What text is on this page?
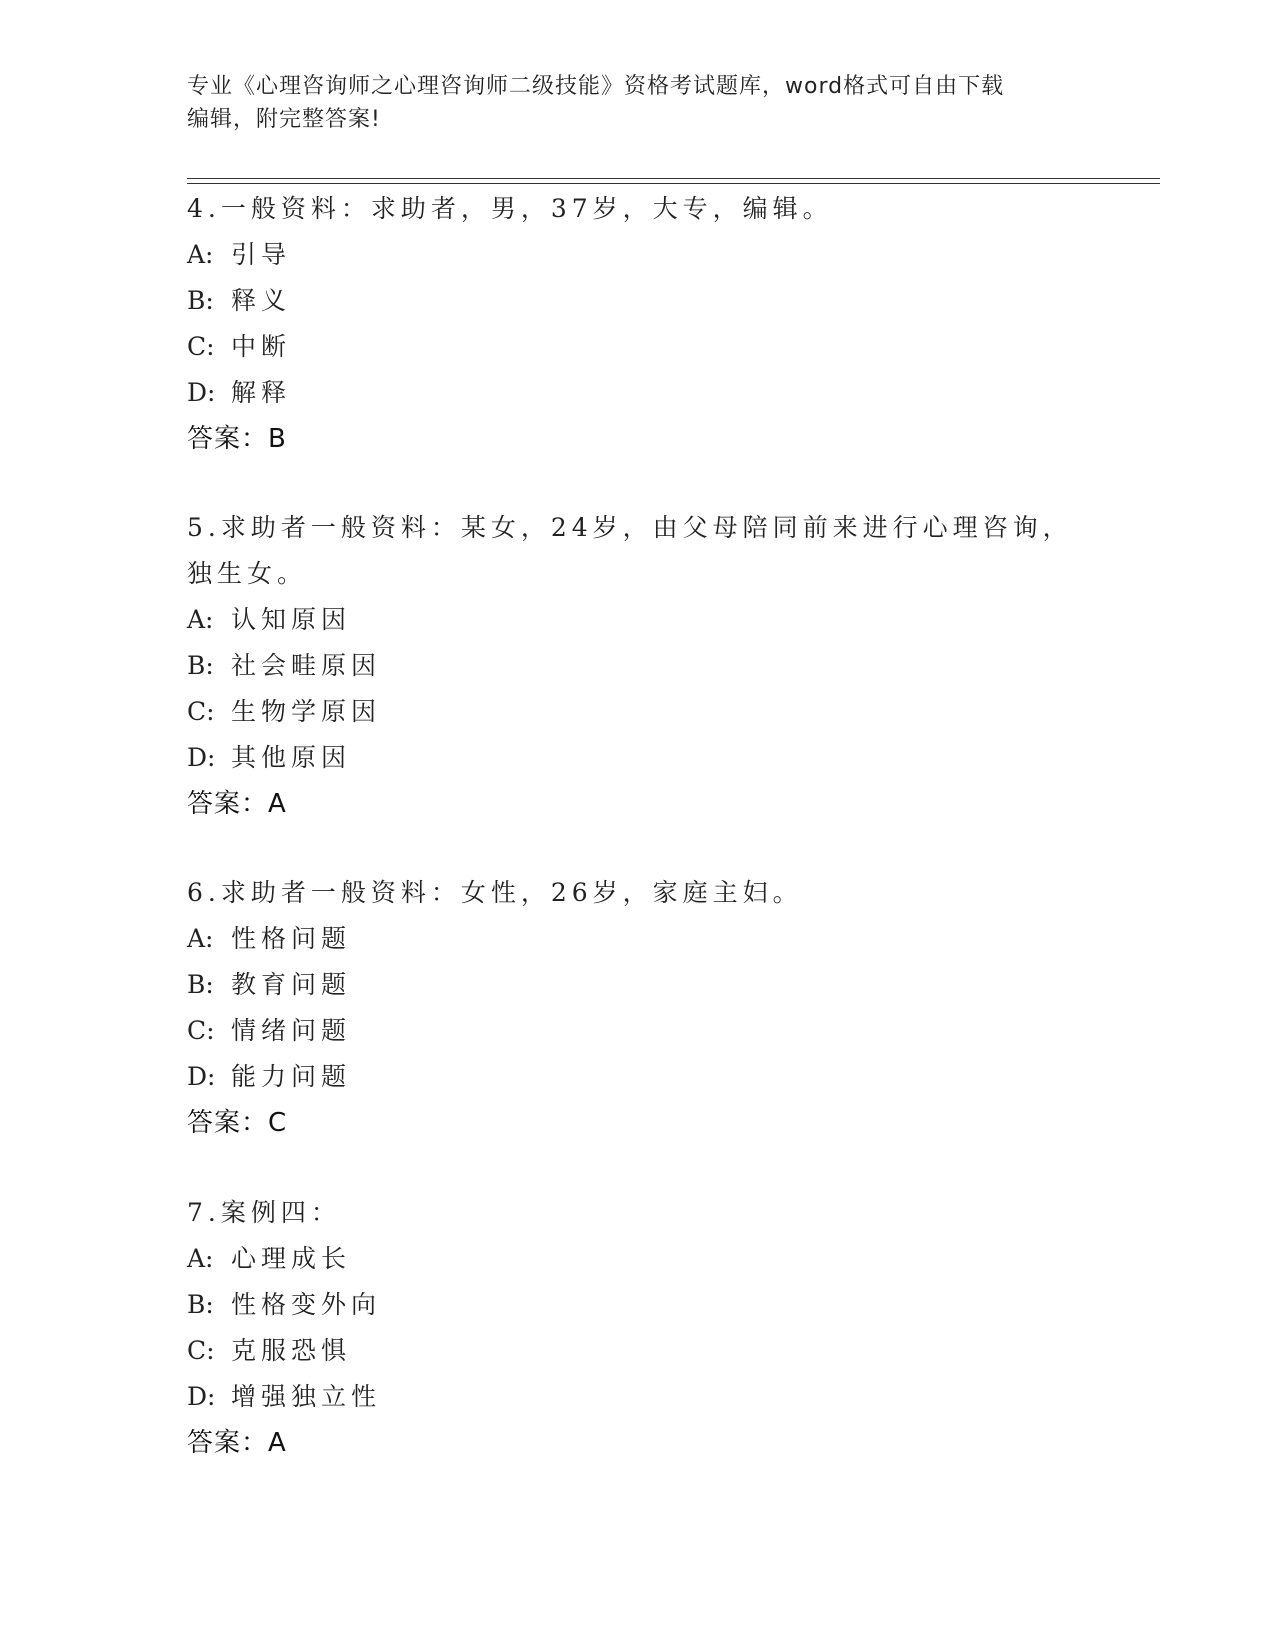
专业《心理咨询师之心理咨询师二级技能》资格考试题库，word格式可自由下载
编辑，附完整答案!
4.一般资料：求助者，男，37岁，大专，编辑。
A: 引导
B: 释义
C: 中断
D: 解释
答案：B
5.求助者一般资料：某女，24岁，由父母陪同前来进行心理咨询，独生女。
A: 认知原因
B: 社会畦原因
C: 生物学原因
D: 其他原因
答案：A
6.求助者一般资料：女性，26岁，家庭主妇。
A: 性格问题
B: 教育问题
C: 情绪问题
D: 能力问题
答案：C
7.案例四：
A: 心理成长
B: 性格变外向
C: 克服恐惧
D: 增强独立性
答案：A
